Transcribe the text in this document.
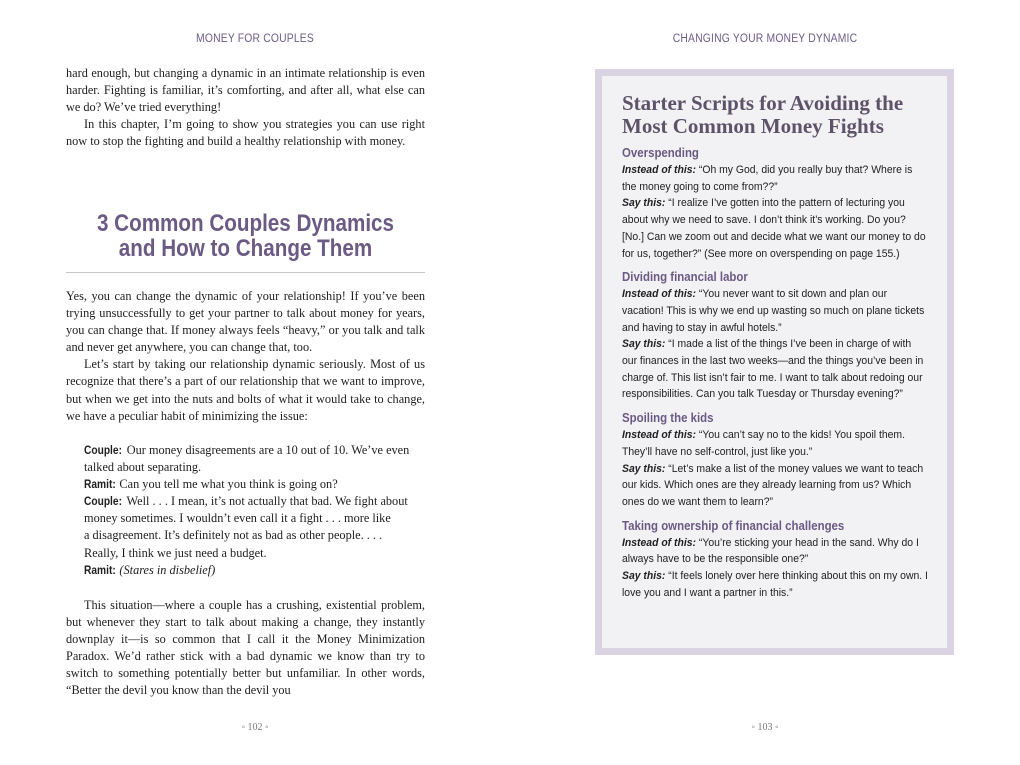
MONEY FOR COUPLES

hard enough, but changing a dynamic in an intimate relationship is even harder. Fighting is familiar, it’s comforting, and after all, what else can we do? We’ve tried everything!

In this chapter, I’m going to show you strategies you can use right now to stop the fighting and build a healthy relationship with money.

3 Common Couples Dynamics
and How to Change Them

Yes, you can change the dynamic of your relationship! If you’ve been trying unsuccessfully to get your partner to talk about money for years, you can change that. If money always feels “heavy,” or you talk and talk and never get anywhere, you can change that, too.

Let’s start by taking our relationship dynamic seriously. Most of us recognize that there’s a part of our relationship that we want to improve, but when we get into the nuts and bolts of what it would take to change, we have a peculiar habit of minimizing the issue:

Couple: Our money disagreements are a 10 out of 10. We’ve even
talked about separating.
Ramit: Can you tell me what you think is going on?
Couple: Well . . . I mean, it’s not actually that bad. We fight about
money sometimes. I wouldn’t even call it a fight . . . more like
a disagreement. It’s definitely not as bad as other people. . . .
Really, I think we just need a budget.
Ramit: (Stares in disbelief)

This situation—where a couple has a crushing, existential problem, but whenever they start to talk about making a change, they instantly downplay it—is so common that I call it the Money Minimization Paradox. We’d rather stick with a bad dynamic we know than try to switch to something potentially better but unfamiliar. In other words, “Better the devil you know than the devil you

◦ 102 ◦
CHANGING YOUR MONEY DYNAMIC
Starter Scripts for Avoiding the Most Common Money Fights
Overspending

Instead of this: “Oh my God, did you really buy that? Where is the money going to come from??”

Say this: “I realize I’ve gotten into the pattern of lecturing you about why we need to save. I don’t think it’s working. Do you? [No.] Can we zoom out and decide what we want our money to do for us, together?” (See more on overspending on page 155.)

Dividing financial labor

Instead of this: “You never want to sit down and plan our vacation! This is why we end up wasting so much on plane tickets and having to stay in awful hotels.”

Say this: “I made a list of the things I’ve been in charge of with our finances in the last two weeks—and the things you’ve been in charge of. This list isn’t fair to me. I want to talk about redoing our responsibilities. Can you talk Tuesday or Thursday evening?”

Spoiling the kids

Instead of this: “You can’t say no to the kids! You spoil them. They’ll have no self-control, just like you.”

Say this: “Let’s make a list of the money values we want to teach our kids. Which ones are they already learning from us? Which ones do we want them to learn?”

Taking ownership of financial challenges

Instead of this: “You’re sticking your head in the sand. Why do I always have to be the responsible one?”

Say this: “It feels lonely over here thinking about this on my own. I love you and I want a partner in this.”

◦ 103 ◦
